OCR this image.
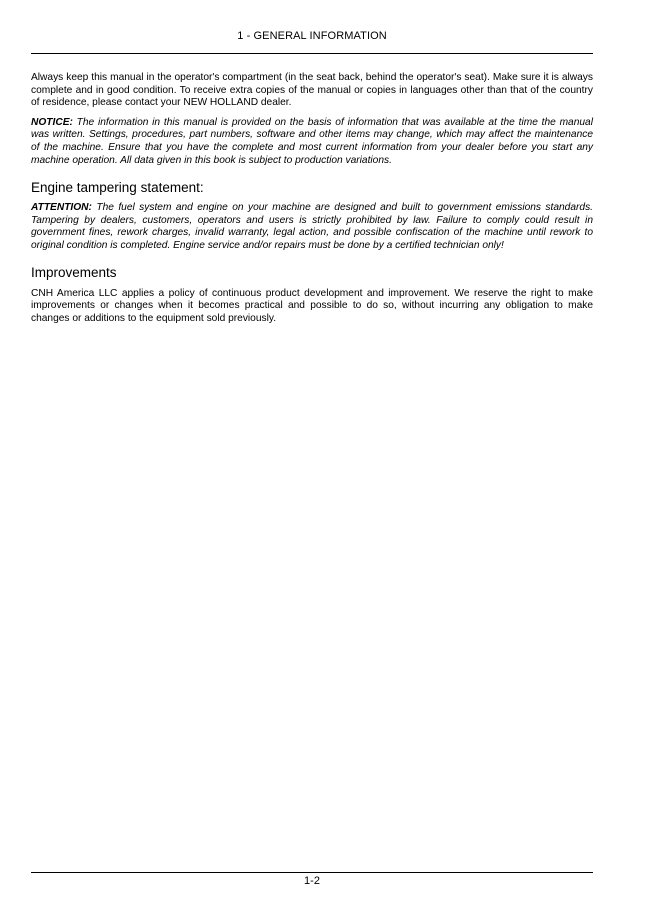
1 - GENERAL INFORMATION

Always keep this manual in the operator's compartment (in the seat back, behind the operator's seat). Make sure it is always complete and in good condition. To receive extra copies of the manual or copies in languages other than that of the country of residence, please contact your NEW HOLLAND dealer.

NOTICE: The information in this manual is provided on the basis of information that was available at the time the manual was written. Settings, procedures, part numbers, software and other items may change, which may affect the maintenance of the machine. Ensure that you have the complete and most current information from your dealer before you start any machine operation. All data given in this book is subject to production variations.

Engine tampering statement:

ATTENTION: The fuel system and engine on your machine are designed and built to government emissions standards. Tampering by dealers, customers, operators and users is strictly prohibited by law. Failure to comply could result in government fines, rework charges, invalid warranty, legal action, and possible confiscation of the machine until rework to original condition is completed. Engine service and/or repairs must be done by a certified technician only!

Improvements

CNH America LLC applies a policy of continuous product development and improvement. We reserve the right to make improvements or changes when it becomes practical and possible to do so, without incurring any obligation to make changes or additions to the equipment sold previously.

1-2
